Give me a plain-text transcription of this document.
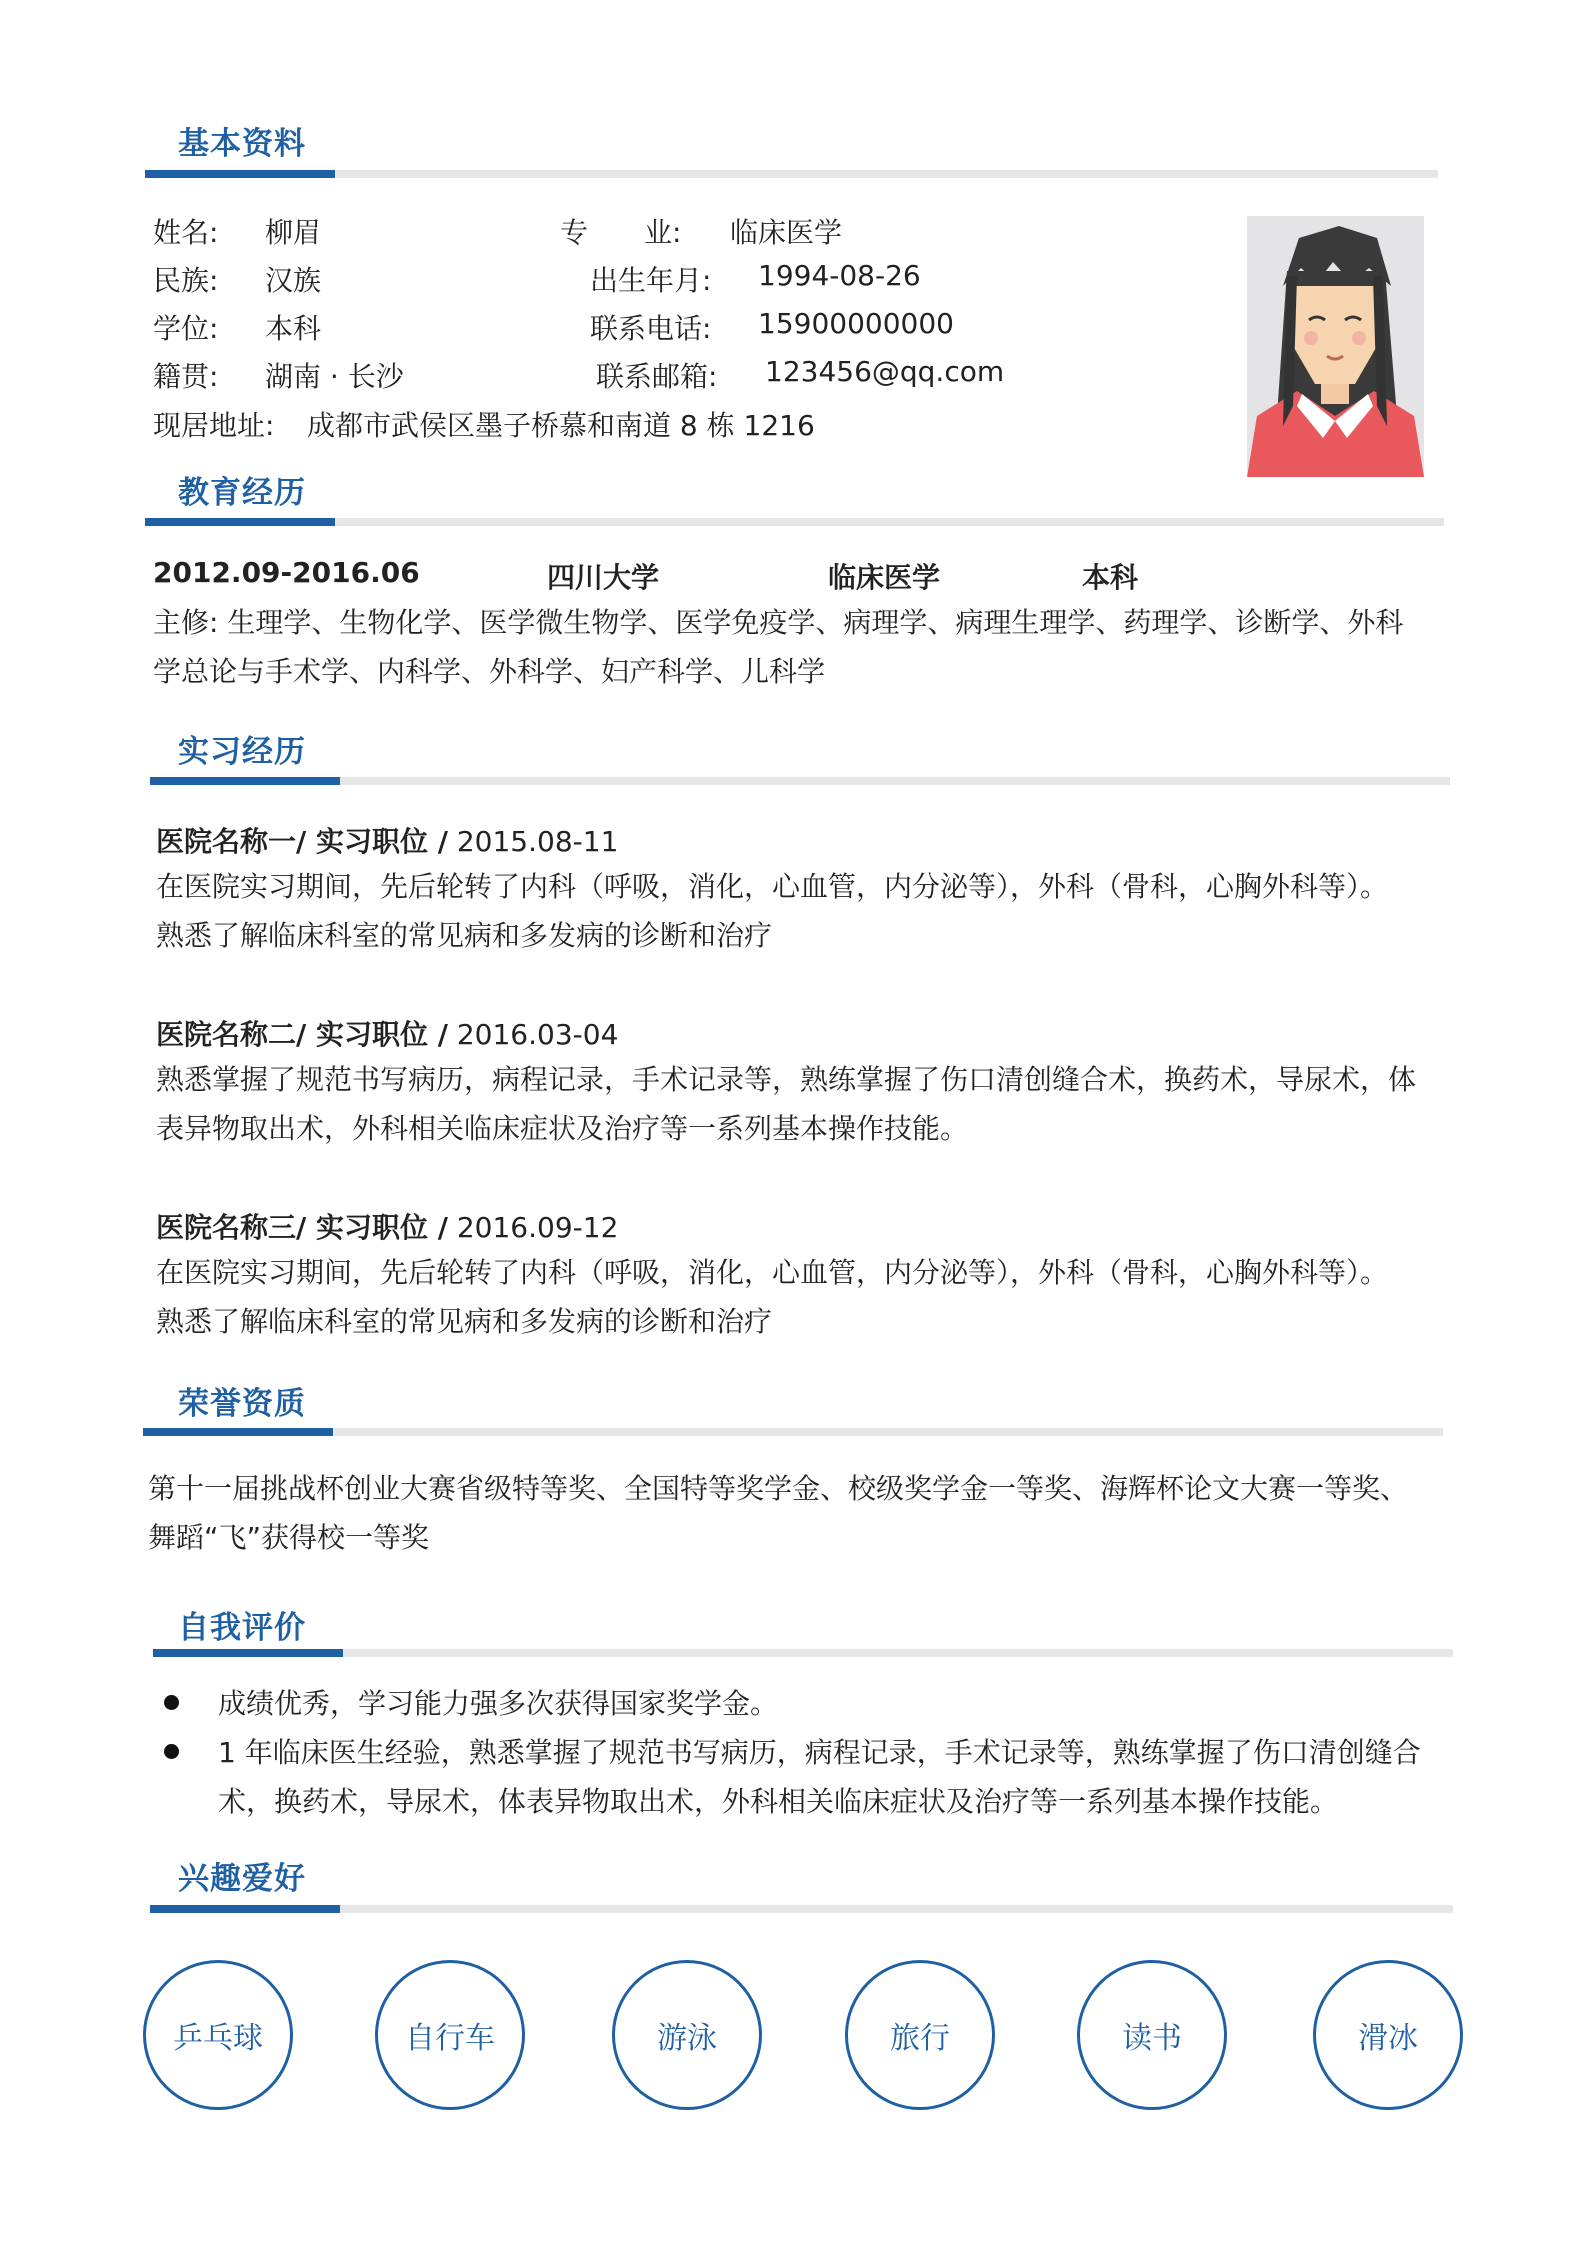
基本资料
姓名: 柳眉	专　　业: 临床医学
民族: 汉族	出生年月: 1994-08-26
学位: 本科	联系电话: 15900000000
籍贯: 湖南 · 长沙	联系邮箱: 123456@qq.com
现居地址: 成都市武侯区墨子桥慕和南道 8 栋 1216
教育经历
2012.09-2016.06	四川大学	临床医学	本科
主修: 生理学、生物化学、医学微生物学、医学免疫学、病理学、病理生理学、药理学、诊断学、外科
学总论与手术学、内科学、外科学、妇产科学、儿科学
实习经历
医院名称一/ 实习职位 / 2015.08-11
在医院实习期间，先后轮转了内科（呼吸，消化，心血管，内分泌等），外科（骨科，心胸外科等）。
熟悉了解临床科室的常见病和多发病的诊断和治疗
医院名称二/ 实习职位 / 2016.03-04
熟悉掌握了规范书写病历，病程记录，手术记录等，熟练掌握了伤口清创缝合术，换药术，导尿术，体
表异物取出术，外科相关临床症状及治疗等一系列基本操作技能。
医院名称三/ 实习职位 / 2016.09-12
在医院实习期间，先后轮转了内科（呼吸，消化，心血管，内分泌等），外科（骨科，心胸外科等）。
熟悉了解临床科室的常见病和多发病的诊断和治疗
荣誉资质
第十一届挑战杯创业大赛省级特等奖、全国特等奖学金、校级奖学金一等奖、海辉杯论文大赛一等奖、
舞蹈“飞”获得校一等奖
自我评价
成绩优秀，学习能力强多次获得国家奖学金。
1 年临床医生经验，熟悉掌握了规范书写病历，病程记录，手术记录等，熟练掌握了伤口清创缝合
术，换药术，导尿术，体表异物取出术，外科相关临床症状及治疗等一系列基本操作技能。
兴趣爱好
乒乓球	自行车	游泳	旅行	读书	滑冰
